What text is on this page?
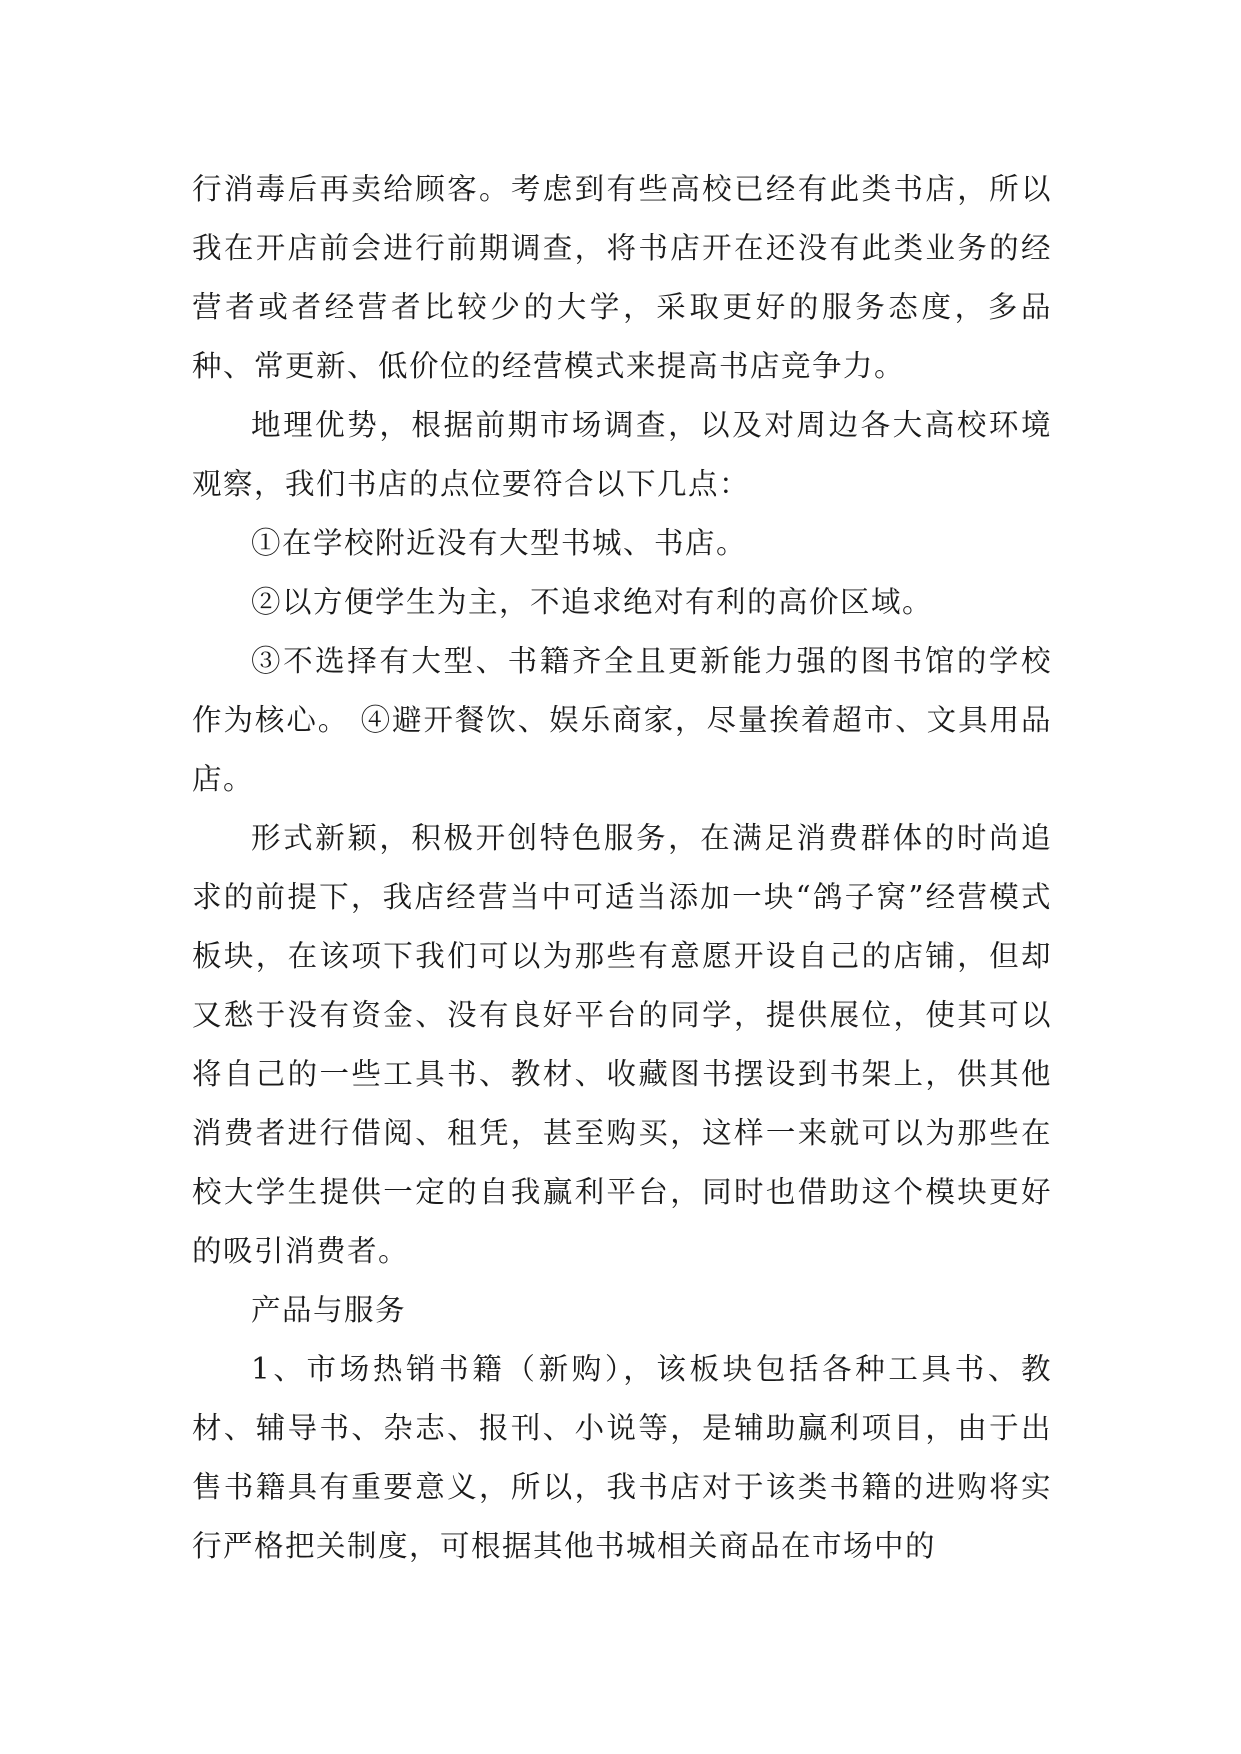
行消毒后再卖给顾客。考虑到有些高校已经有此类书店，所以我在开店前会进行前期调查，将书店开在还没有此类业务的经营者或者经营者比较少的大学，采取更好的服务态度，多品种、常更新、低价位的经营模式来提高书店竞争力。

地理优势，根据前期市场调查，以及对周边各大高校环境观察，我们书店的点位要符合以下几点：

①在学校附近没有大型书城、书店。

②以方便学生为主，不追求绝对有利的高价区域。

③不选择有大型、书籍齐全且更新能力强的图书馆的学校作为核心。 ④避开餐饮、娱乐商家，尽量挨着超市、文具用品店。

形式新颖，积极开创特色服务，在满足消费群体的时尚追求的前提下，我店经营当中可适当添加一块“鸽子窝”经营模式板块，在该项下我们可以为那些有意愿开设自己的店铺，但却又愁于没有资金、没有良好平台的同学，提供展位，使其可以将自己的一些工具书、教材、收藏图书摆设到书架上，供其他消费者进行借阅、租凭，甚至购买，这样一来就可以为那些在校大学生提供一定的自我赢利平台，同时也借助这个模块更好的吸引消费者。

产品与服务

1、市场热销书籍（新购），该板块包括各种工具书、教材、辅导书、杂志、报刊、小说等，是辅助赢利项目，由于出售书籍具有重要意义，所以，我书店对于该类书籍的进购将实行严格把关制度，可根据其他书城相关商品在市场中的
